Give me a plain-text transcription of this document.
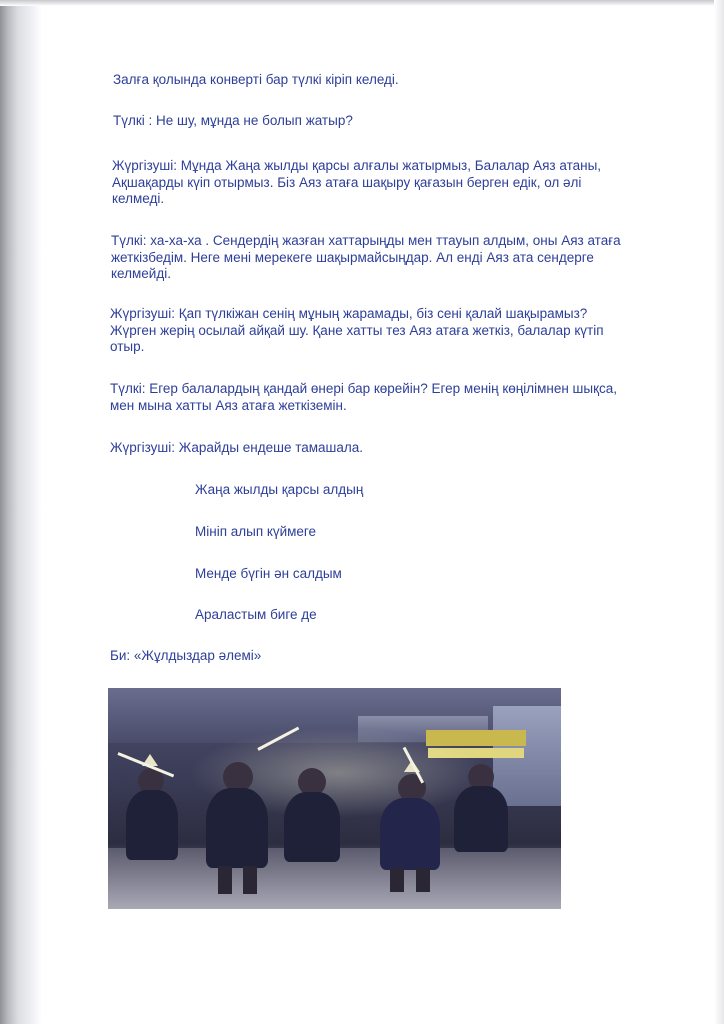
Залға қолында конверті бар түлкі кіріп келеді.

Түлкі : Не шу, мұнда не болып жатыр?

Жүргізуші: Мұнда Жаңа жылды қарсы алғалы жатырмыз, Балалар Аяз атаны,

Ақшақарды күіп отырмыз. Біз Аяз атаға шақыру қағазын берген едік, ол әлі

келмеді.

Түлкі: ха-ха-ха . Сендердің жазған хаттарыңды мен ттауып алдым, оны Аяз атаға

жеткізбедім. Неге мені мерекеге шақырмайсыңдар. Ал енді Аяз ата сендерге

келмейді.

Жүргізуші: Қап түлкіжан сенің мұның жарамады, біз сені қалай шақырамыз?

Жүрген жерің осылай айқай шу. Қане хатты тез Аяз атаға жеткіз, балалар күтіп

отыр.

Түлкі: Егер балалардың қандай өнері бар көрейін? Егер менің көңілімнен шықса,

мен мына хатты Аяз атаға жеткіземін.

Жүргізуші: Жарайды ендеше тамашала.

Жаңа жылды қарсы алдың

Мініп алып күймеге

Менде бүгін ән салдым

Араластым биге де

Би: «Жұлдыздар әлемі»
